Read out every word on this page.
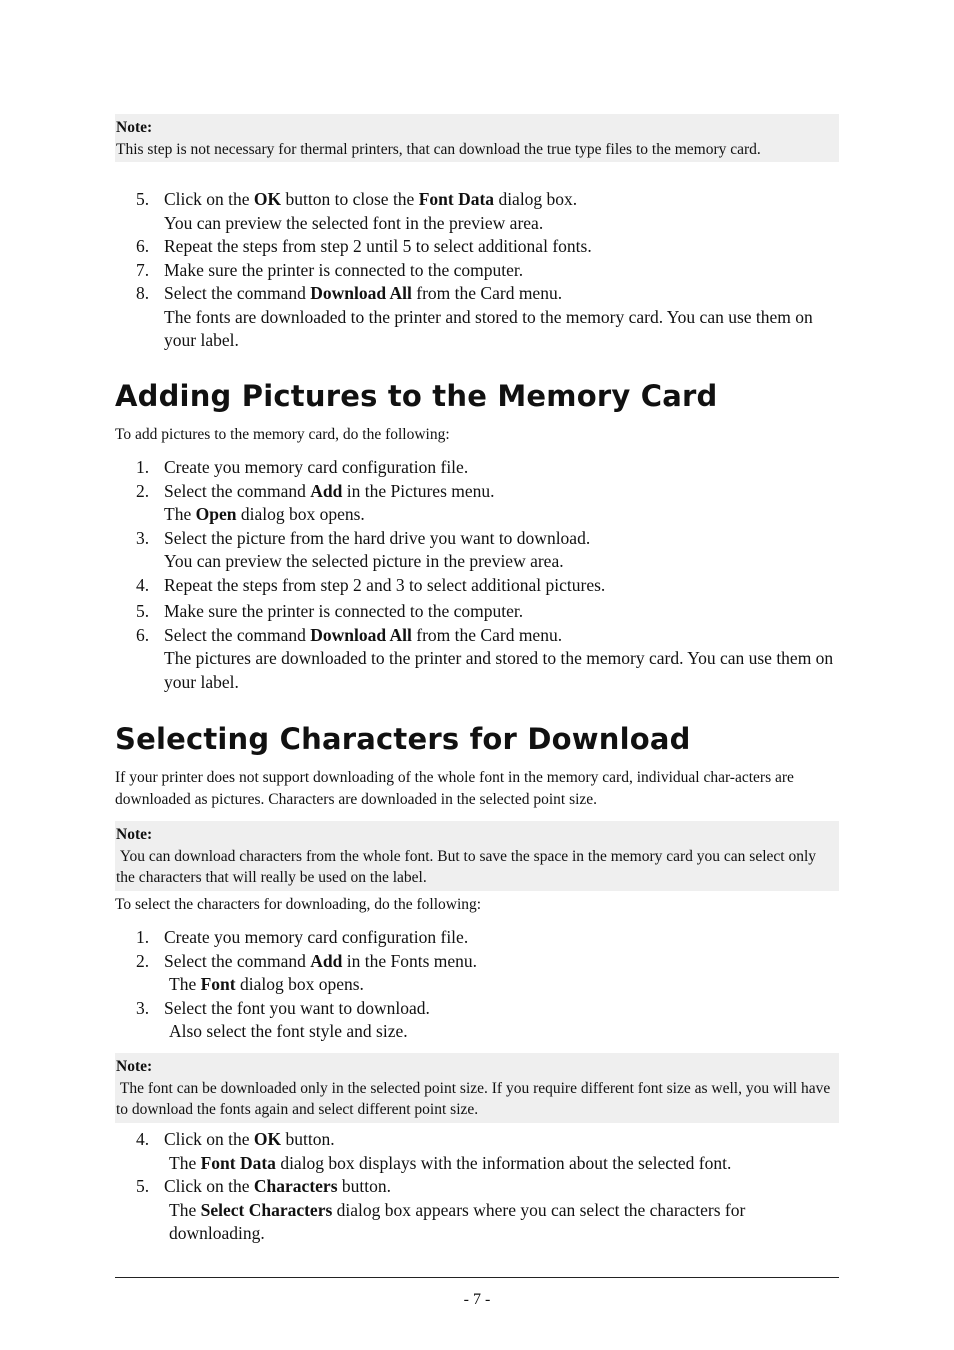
Note:
This step is not necessary for thermal printers, that can download the true type files to the memory card.
5. Click on the OK button to close the Font Data dialog box.
You can preview the selected font in the preview area.
6. Repeat the steps from step 2 until 5 to select additional fonts.
7. Make sure the printer is connected to the computer.
8. Select the command Download All from the Card menu.
The fonts are downloaded to the printer and stored to the memory card. You can use them on your label.
Adding Pictures to the Memory Card

To add pictures to the memory card, do the following:

1. Create you memory card configuration file.
2. Select the command Add in the Pictures menu.
The Open dialog box opens.
3. Select the picture from the hard drive you want to download.
You can preview the selected picture in the preview area.
4. Repeat the steps from step 2 and 3 to select additional pictures.
5. Make sure the printer is connected to the computer.
6. Select the command Download All from the Card menu.
The pictures are downloaded to the printer and stored to the memory card. You can use them on your label.
Selecting Characters for Download

If your printer does not support downloading of the whole font in the memory card, individual char-acters are downloaded as pictures. Characters are downloaded in the selected point size.

Note:
You can download characters from the whole font. But to save the space in the memory card you can select only the characters that will really be used on the label.

To select the characters for downloading, do the following:

1. Create you memory card configuration file.
2. Select the command Add in the Fonts menu.
The Font dialog box opens.
3. Select the font you want to download.
Also select the font style and size.
Note:
The font can be downloaded only in the selected point size. If you require different font size as well, you will have to download the fonts again and select different point size.
4. Click on the OK button.
The Font Data dialog box displays with the information about the selected font.
5. Click on the Characters button.
The Select Characters dialog box appears where you can select the characters for downloading.
- 7 -
